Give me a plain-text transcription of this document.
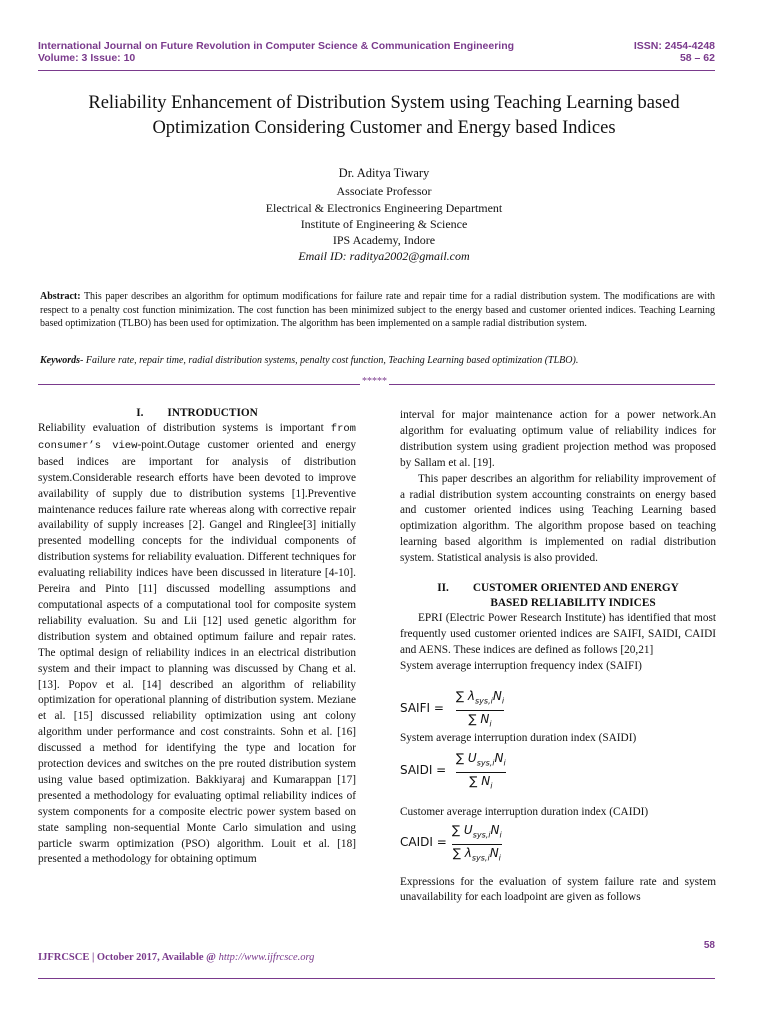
International Journal on Future Revolution in Computer Science & Communication Engineering	ISSN: 2454-4248
Volume: 3 Issue: 10	58 – 62
Reliability Enhancement of Distribution System using Teaching Learning based
Optimization Considering Customer and Energy based Indices
Dr. Aditya Tiwary
Associate Professor
Electrical & Electronics Engineering Department
Institute of Engineering & Science
IPS Academy, Indore
Email ID: raditya2002@gmail.com
Abstract: This paper describes an algorithm for optimum modifications for failure rate and repair time for a radial distribution system. The modifications are with respect to a penalty cost function minimization. The cost function has been minimized subject to the energy based and customer oriented indices. Teaching Learning based optimization (TLBO) has been used for optimization. The algorithm has been implemented on a sample radial distribution system.
Keywords- Failure rate, repair time, radial distribution systems, penalty cost function, Teaching Learning based optimization (TLBO).
*****
I. INTRODUCTION

Reliability evaluation of distribution systems is important from consumer’s view-point.Outage customer oriented and energy based indices are important for analysis of distribution system.Considerable research efforts have been devoted to improve availability of supply due to distribution systems [1].Preventive maintenance reduces failure rate whereas along with corrective repair availability of supply increases [2]. Gangel and Ringlee[3] initially presented modelling concepts for the individual components of distribution systems for reliability evaluation. Different techniques for evaluating reliability indices have been discussed in literature [4-10]. Pereira and Pinto [11] discussed modelling assumptions and computational aspects of a computational tool for composite system reliability evaluation. Su and Lii [12] used genetic algorithm for distribution system and obtained optimum failure and repair rates. The optimal design of reliability indices in an electrical distribution system and their impact to planning was discussed by Chang et al. [13]. Popov et al. [14] described an algorithm of reliability optimization for operational planning of distribution system. Meziane et al. [15] discussed reliability optimization using ant colony algorithm under performance and cost constraints. Sohn et al. [16] discussed a method for identifying the type and location for protection devices and switches on the pre routed distribution system using value based optimization. Bakkiyaraj and Kumarappan [17] presented a methodology for evaluating optimal reliability indices of system components for a composite electric power system based on state sampling non-sequential Monte Carlo simulation and using particle swarm optimization (PSO) algorithm. Louit et al. [18] presented a methodology for obtaining optimum

interval for major maintenance action for a power network.An algorithm for evaluating optimum value of reliability indices for distribution system using gradient projection method was proposed by Sallam et al. [19].

This paper describes an algorithm for reliability improvement of a radial distribution system accounting constraints on energy based and customer oriented indices using Teaching Learning based optimization algorithm. The algorithm propose based on teaching learning based algorithm is implemented on radial distribution system. Statistical analysis is also provided.

II. CUSTOMER ORIENTED AND ENERGY
BASED RELIABILITY INDICES

EPRI (Electric Power Research Institute) has identified that most frequently used customer oriented indices are SAIFI, SAIDI, CAIDI and AENS. These indices are defined as follows [20,21]

System average interruption frequency index (SAIFI)

SAIFI =
∑ $\lambda_{sys,i}N_i$
∑ $N_i$

System average interruption duration index (SAIDI)

SAIDI =
∑ $U_{sys,i}N_i$
∑ $N_i$

Customer average interruption duration index (CAIDI)

CAIDI =
∑ $U_{sys,i}N_i$
∑ $\lambda_{sys,i}N_i$

Expressions for the evaluation of system failure rate and system unavailability for each loadpoint are given as follows

58
IJFRCSCE | October 2017, Available @ http://www.ijfrcsce.org
